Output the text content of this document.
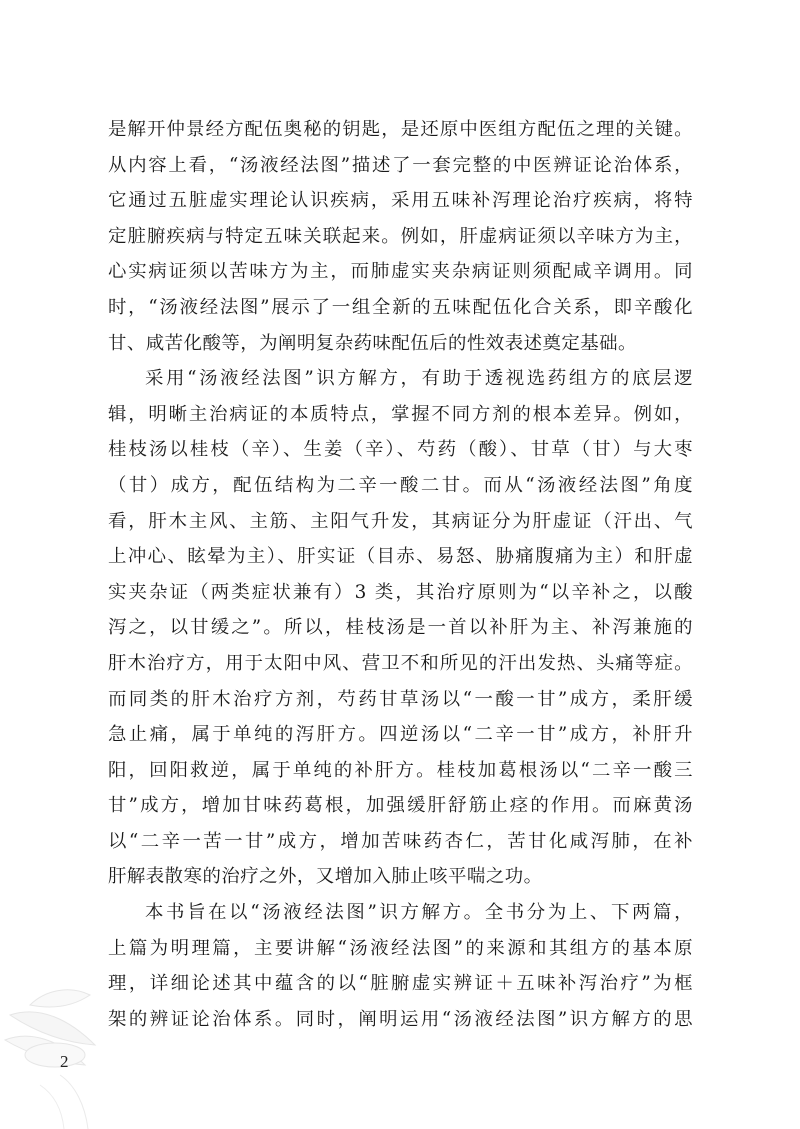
是解开仲景经方配伍奥秘的钥匙，是还原中医组方配伍之理的关键。
从内容上看，“汤液经法图”描述了一套完整的中医辨证论治体系，
它通过五脏虚实理论认识疾病，采用五味补泻理论治疗疾病，将特
定脏腑疾病与特定五味关联起来。例如，肝虚病证须以辛味方为主，
心实病证须以苦味方为主，而肺虚实夹杂病证则须配咸辛调用。同
时，“汤液经法图”展示了一组全新的五味配伍化合关系，即辛酸化
甘、咸苦化酸等，为阐明复杂药味配伍后的性效表述奠定基础。
采用“汤液经法图”识方解方，有助于透视选药组方的底层逻
辑，明晰主治病证的本质特点，掌握不同方剂的根本差异。例如，
桂枝汤以桂枝（辛）、生姜（辛）、芍药（酸）、甘草（甘）与大枣
（甘）成方，配伍结构为二辛一酸二甘。而从“汤液经法图”角度
看，肝木主风、主筋、主阳气升发，其病证分为肝虚证（汗出、气
上冲心、眩晕为主）、肝实证（目赤、易怒、胁痛腹痛为主）和肝虚
实夹杂证（两类症状兼有）3 类，其治疗原则为“以辛补之，以酸
泻之，以甘缓之”。所以，桂枝汤是一首以补肝为主、补泻兼施的
肝木治疗方，用于太阳中风、营卫不和所见的汗出发热、头痛等症。
而同类的肝木治疗方剂，芍药甘草汤以“一酸一甘”成方，柔肝缓
急止痛，属于单纯的泻肝方。四逆汤以“二辛一甘”成方，补肝升
阳，回阳救逆，属于单纯的补肝方。桂枝加葛根汤以“二辛一酸三
甘”成方，增加甘味药葛根，加强缓肝舒筋止痉的作用。而麻黄汤
以“二辛一苦一甘”成方，增加苦味药杏仁，苦甘化咸泻肺，在补
肝解表散寒的治疗之外，又增加入肺止咳平喘之功。
本书旨在以“汤液经法图”识方解方。全书分为上、下两篇，
上篇为明理篇，主要讲解“汤液经法图”的来源和其组方的基本原
理，详细论述其中蕴含的以“脏腑虚实辨证＋五味补泻治疗”为框
架的辨证论治体系。同时，阐明运用“汤液经法图”识方解方的思
2
